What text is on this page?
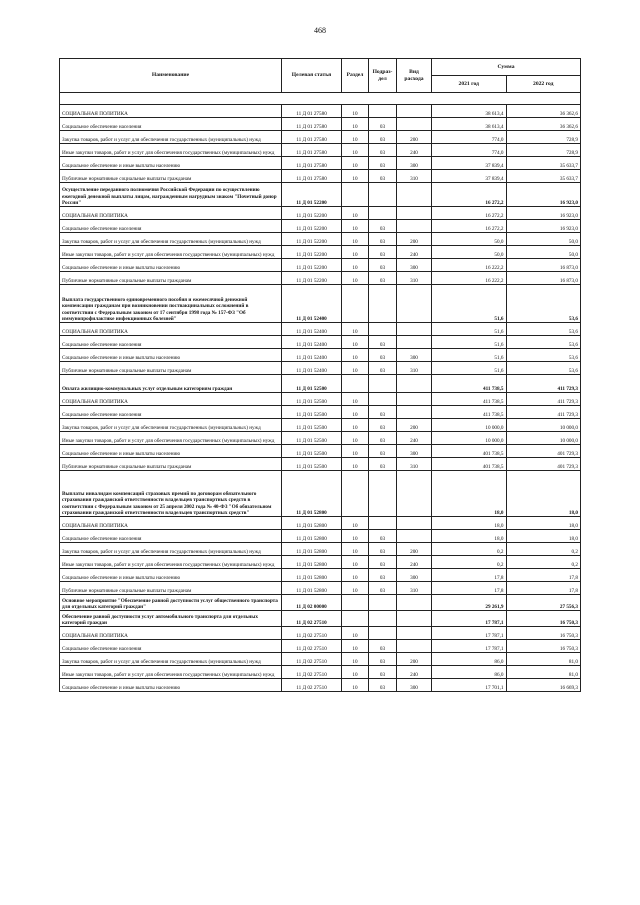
468
Наименование	Целевая статья	Раздел	Подраз-дел	Вид расхода	Сумма	
					2021 год	2022 год

СОЦИАЛЬНАЯ ПОЛИТИКА	11 Д 01 27580	10			38 613,4	36 362,6
Социальное обеспечение населения	11 Д 01 27580	10	03		38 613,4	36 362,6
Закупка товаров, работ и услуг для обеспечения государственных (муниципальных) нужд	11 Д 01 27580	10	03	200	774,0	728,9
Иные закупки товаров, работ и услуг для обеспечения государственных (муниципальных) нужд	11 Д 01 27580	10	03	240	774,0	728,9
Социальное обеспечение и иные выплаты населению	11 Д 01 27580	10	03	300	37 839,4	35 633,7
Публичные нормативные социальные выплаты гражданам	11 Д 01 27580	10	03	310	37 839,4	35 633,7
Осуществление переданного полномочия Российской Федерации по осуществлению ежегодной денежной выплаты лицам, награжденным нагрудным знаком "Почетный донор России"	11 Д 01 52200				16 272,2	16 923,0
СОЦИАЛЬНАЯ ПОЛИТИКА	11 Д 01 52200	10			16 272,2	16 923,0
Социальное обеспечение населения	11 Д 01 52200	10	03		16 272,2	16 923,0
Закупка товаров, работ и услуг для обеспечения государственных (муниципальных) нужд	11 Д 01 52200	10	03	200	50,0	50,0
Иные закупки товаров, работ и услуг для обеспечения государственных (муниципальных) нужд	11 Д 01 52200	10	03	240	50,0	50,0
Социальное обеспечение и иные выплаты населению	11 Д 01 52200	10	03	300	16 222,2	16 873,0
Публичные нормативные социальные выплаты гражданам	11 Д 01 52200	10	03	310	16 222,2	16 873,0
Выплата государственного единовременного пособия и ежемесячной денежной компенсации гражданам при возникновении поствакцинальных осложнений в соответствии с Федеральным законом от 17 сентября 1998 года № 157-ФЗ "Об иммунопрофилактике инфекционных болезней"	11 Д 01 52400				51,6	53,6
СОЦИАЛЬНАЯ ПОЛИТИКА	11 Д 01 52400	10			51,6	53,6
Социальное обеспечение населения	11 Д 01 52400	10	03		51,6	53,6
Социальное обеспечение и иные выплаты населению	11 Д 01 52400	10	03	300	51,6	53,6
Публичные нормативные социальные выплаты гражданам	11 Д 01 52400	10	03	310	51,6	53,6
Оплата жилищно-коммунальных услуг отдельным категориям граждан	11 Д 01 52500				411 738,5	411 729,3
СОЦИАЛЬНАЯ ПОЛИТИКА	11 Д 01 52500	10			411 738,5	411 729,3
Социальное обеспечение населения	11 Д 01 52500	10	03		411 738,5	411 729,3
Закупка товаров, работ и услуг для обеспечения государственных (муниципальных) нужд	11 Д 01 52500	10	03	200	10 000,0	10 000,0
Иные закупки товаров, работ и услуг для обеспечения государственных (муниципальных) нужд	11 Д 01 52500	10	03	240	10 000,0	10 000,0
Социальное обеспечение и иные выплаты населению	11 Д 01 52500	10	03	300	401 738,5	401 729,3
Публичные нормативные социальные выплаты гражданам	11 Д 01 52500	10	03	310	401 738,5	401 729,3
Выплаты инвалидам компенсаций страховых премий по договорам обязательного страхования гражданской ответственности владельцев транспортных средств в соответствии с Федеральным законом от 25 апреля 2002 года № 40-ФЗ "Об обязательном страховании гражданской ответственности владельцев транспортных средств"	11 Д 01 52800				18,0	18,0
СОЦИАЛЬНАЯ ПОЛИТИКА	11 Д 01 52800	10			18,0	18,0
Социальное обеспечение населения	11 Д 01 52800	10	03		18,0	18,0
Закупка товаров, работ и услуг для обеспечения государственных (муниципальных) нужд	11 Д 01 52800	10	03	200	0,2	0,2
Иные закупки товаров, работ и услуг для обеспечения государственных (муниципальных) нужд	11 Д 01 52800	10	03	240	0,2	0,2
Социальное обеспечение и иные выплаты населению	11 Д 01 52800	10	03	300	17,8	17,8
Публичные нормативные социальные выплаты гражданам	11 Д 01 52800	10	03	310	17,8	17,8
Основное мероприятие "Обеспечение равной доступности услуг общественного транспорта для отдельных категорий граждан"	11 Д 02 00000				29 261,9	27 556,3
Обеспечение равной доступности услуг автомобильного транспорта для отдельных категорий граждан	11 Д 02 27510				17 787,1	16 750,3
СОЦИАЛЬНАЯ ПОЛИТИКА	11 Д 02 27510	10			17 787,1	16 750,3
Социальное обеспечение населения	11 Д 02 27510	10	03		17 787,1	16 750,3
Закупка товаров, работ и услуг для обеспечения государственных (муниципальных) нужд	11 Д 02 27510	10	03	200	86,0	81,0
Иные закупки товаров, работ и услуг для обеспечения государственных (муниципальных) нужд	11 Д 02 27510	10	03	240	86,0	81,0
Социальное обеспечение и иные выплаты населению	11 Д 02 27510	10	03	300	17 701,1	16 669,3
